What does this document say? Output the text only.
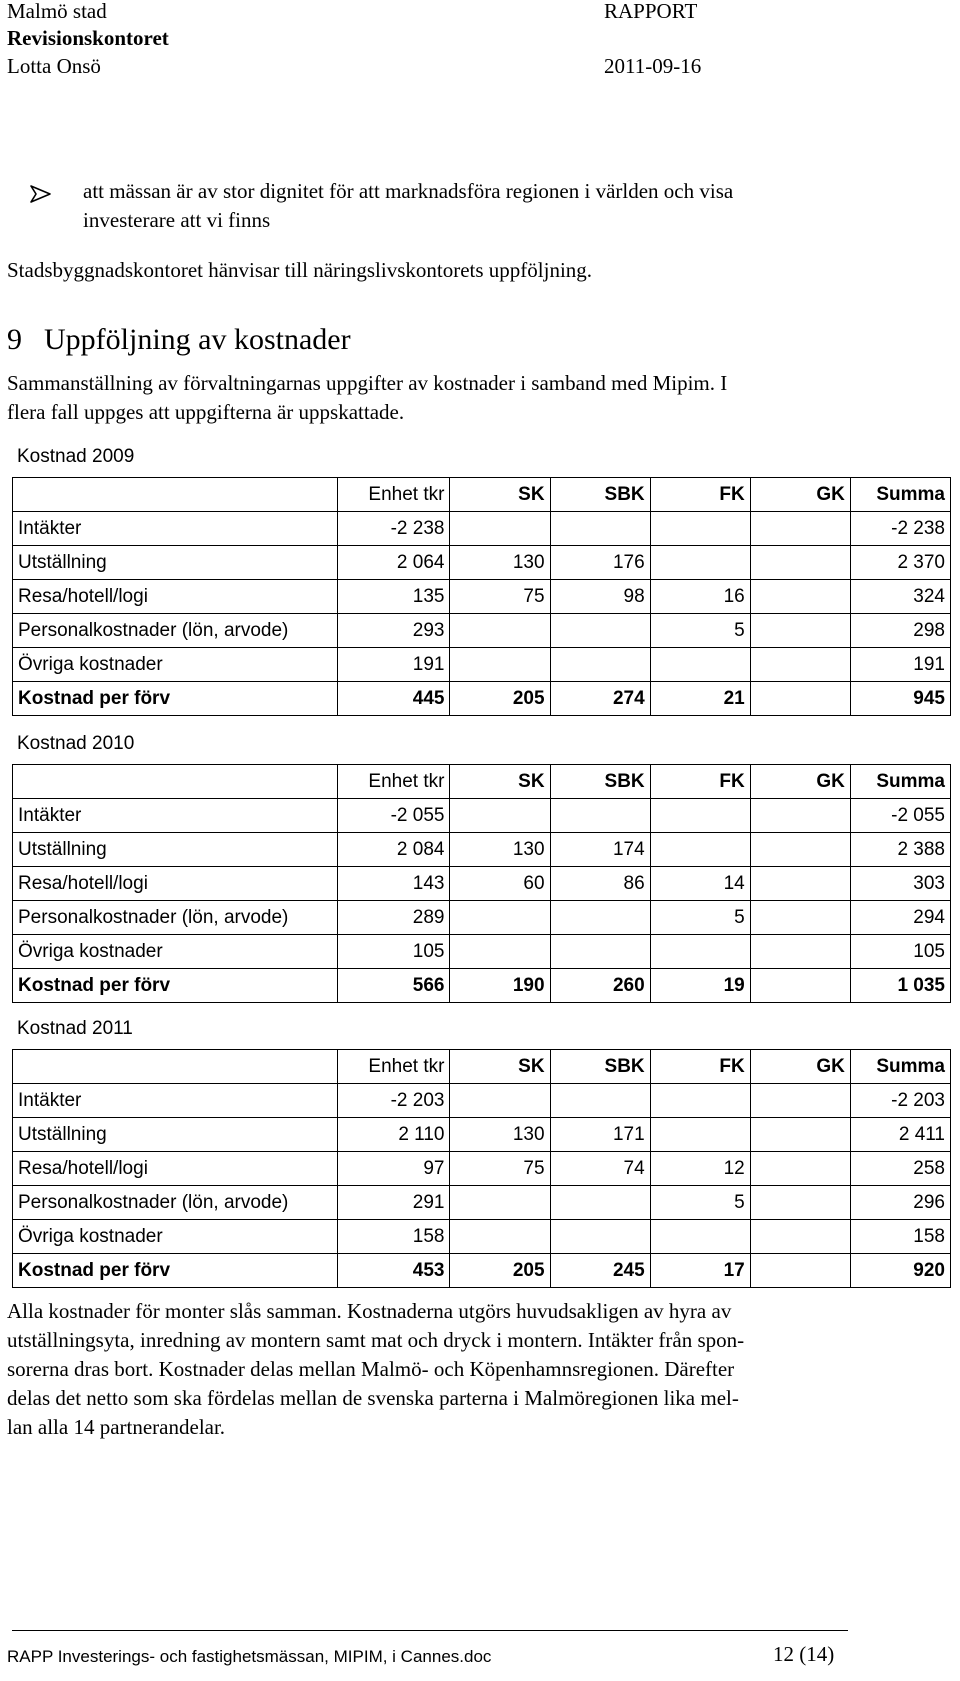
Malmö stad
Revisionskontoret
Lotta Onsö
RAPPORT
2011-09-16
att mässan är av stor dignitet för att marknadsföra regionen i världen och visa
investerare att vi finns
Stadsbyggnadskontoret hänvisar till näringslivskontorets uppföljning.
9 Uppföljning av kostnader
Sammanställning av förvaltningarnas uppgifter av kostnader i samband med Mipim. I
flera fall uppges att uppgifterna är uppskattade.
Kostnad 2009
	Enhet tkr	SK	SBK	FK	GK	Summa
Intäkter	-2 238					-2 238
Utställning	2 064	130	176			2 370
Resa/hotell/logi	135	75	98	16		324
Personalkostnader (lön, arvode)	293			5		298
Övriga kostnader	191					191
Kostnad per förv	445	205	274	21		945
Kostnad 2010
	Enhet tkr	SK	SBK	FK	GK	Summa
Intäkter	-2 055					-2 055
Utställning	2 084	130	174			2 388
Resa/hotell/logi	143	60	86	14		303
Personalkostnader (lön, arvode)	289			5		294
Övriga kostnader	105					105
Kostnad per förv	566	190	260	19		1 035
Kostnad 2011
	Enhet tkr	SK	SBK	FK	GK	Summa
Intäkter	-2 203					-2 203
Utställning	2 110	130	171			2 411
Resa/hotell/logi	97	75	74	12		258
Personalkostnader (lön, arvode)	291			5		296
Övriga kostnader	158					158
Kostnad per förv	453	205	245	17		920
Alla kostnader för monter slås samman. Kostnaderna utgörs huvudsakligen av hyra av
utställningsyta, inredning av montern samt mat och dryck i montern. Intäkter från spon-
sorerna dras bort. Kostnader delas mellan Malmö- och Köpenhamnsregionen. Därefter
delas det netto som ska fördelas mellan de svenska parterna i Malmöregionen lika mel-
lan alla 14 partnerandelar.
RAPP Investerings- och fastighetsmässan, MIPIM, i Cannes.doc	12 (14)
